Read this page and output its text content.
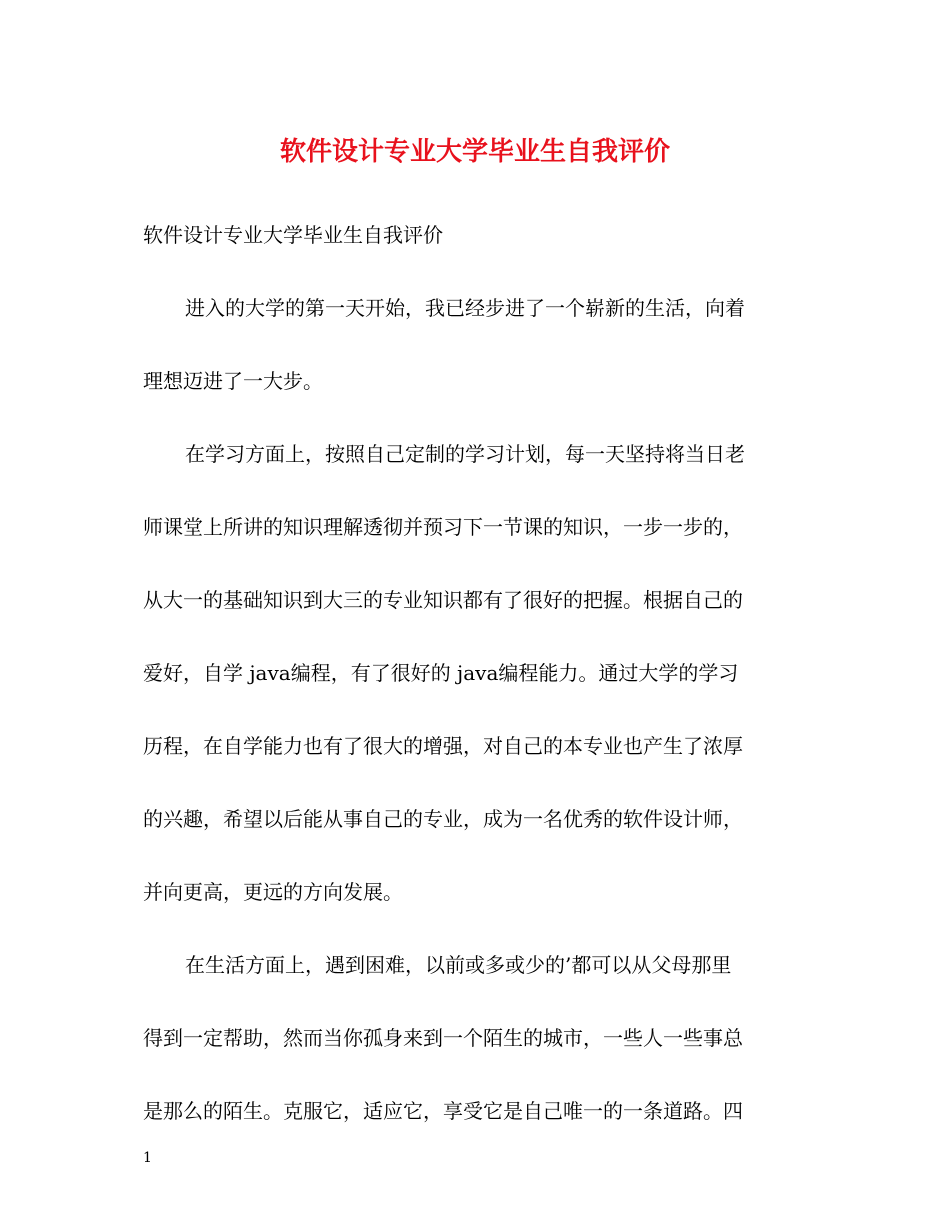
软件设计专业大学毕业生自我评价
软件设计专业大学毕业生自我评价
进入的大学的第一天开始，我已经步进了一个崭新的生活，向着
理想迈进了一大步。
在学习方面上，按照自己定制的学习计划，每一天坚持将当日老
师课堂上所讲的知识理解透彻并预习下一节课的知识，一步一步的，
从大一的基础知识到大三的专业知识都有了很好的把握。根据自己的
爱好，自学 java编程，有了很好的 java编程能力。通过大学的学习
历程，在自学能力也有了很大的增强，对自己的本专业也产生了浓厚
的兴趣，希望以后能从事自己的专业，成为一名优秀的软件设计师，
并向更高，更远的方向发展。
在生活方面上，遇到困难，以前或多或少的’都可以从父母那里
得到一定帮助，然而当你孤身来到一个陌生的城市，一些人一些事总
是那么的陌生。克服它，适应它，享受它是自己唯一的一条道路。四
1
